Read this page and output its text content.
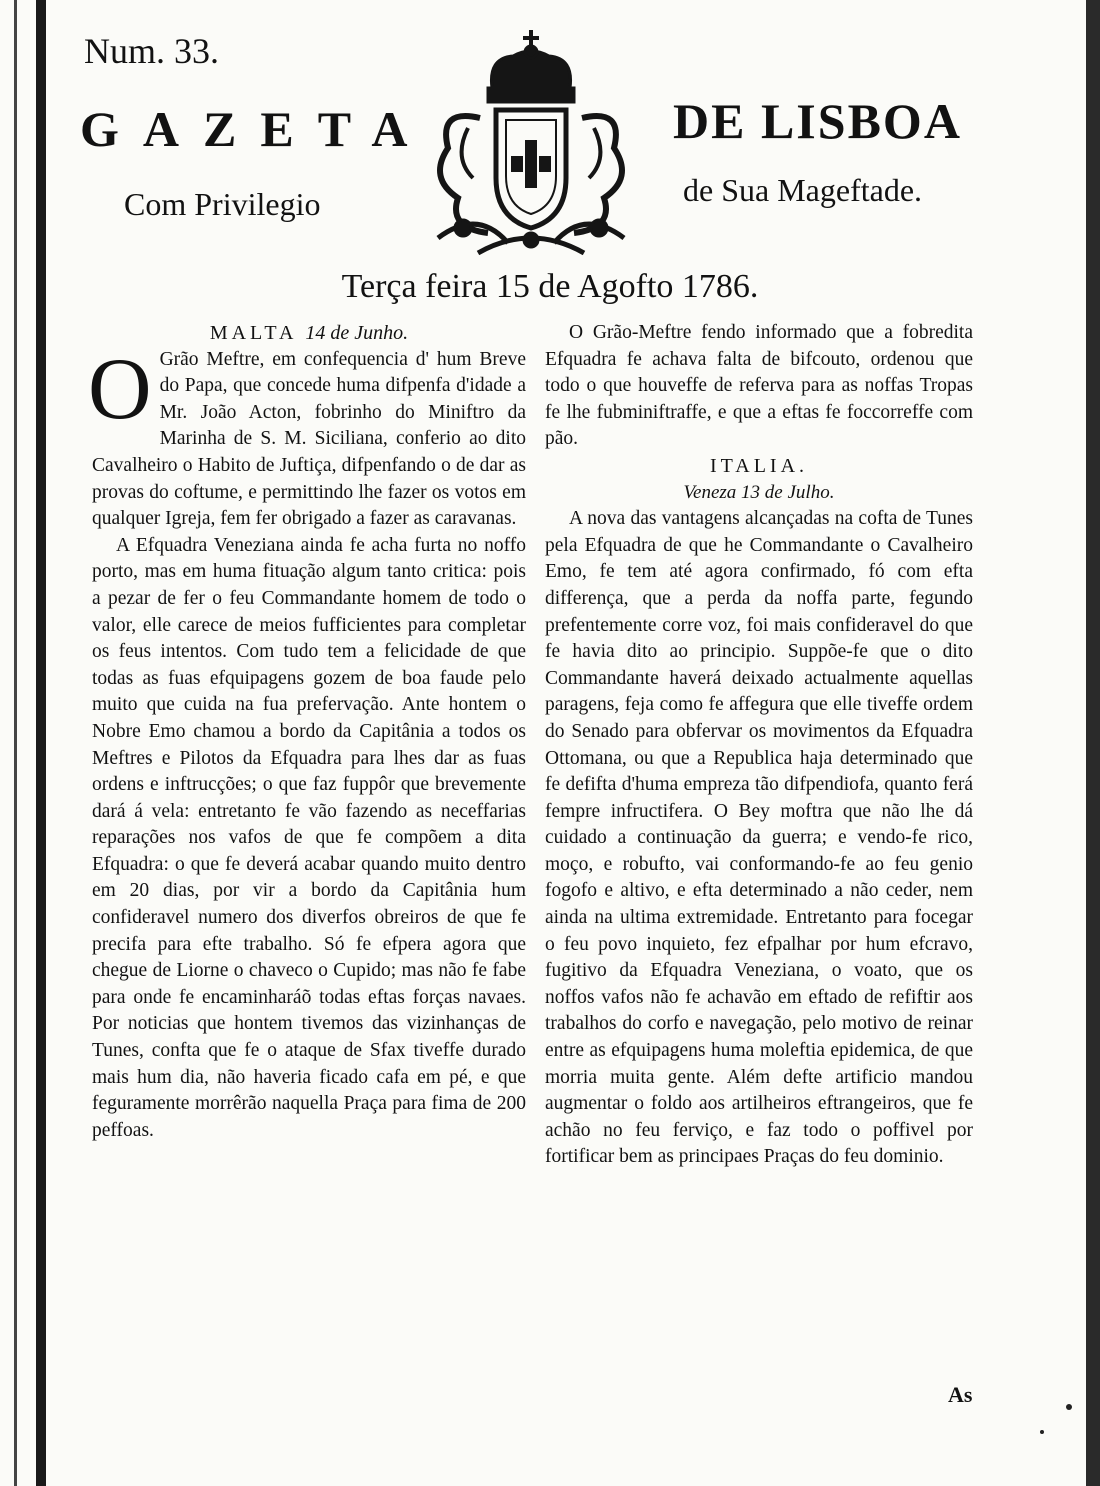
Num. 33.
GAZETA	DE LISBOA
Com Privilegio	de Sua Mageftade.
Terça feira 15 de Agofto 1786.

MALTA 14 de Junho.

O Grão Meftre, em confequencia d' hum Breve do Papa, que concede huma difpenfa d'idade a Mr. João Acton, fobrinho do Miniftro da Marinha de S. M. Siciliana, conferio ao dito Cavalheiro o Habito de Juftiça, difpenfando o de dar as provas do coftume, e permittindo lhe fazer os votos em qualquer Igreja, fem fer obrigado a fazer as caravanas.

A Efquadra Veneziana ainda fe acha furta no noffo porto, mas em huma fituação algum tanto critica: pois a pezar de fer o feu Commandante homem de todo o valor, elle carece de meios fufficientes para completar os feus intentos. Com tudo tem a felicidade de que todas as fuas efquipagens gozem de boa faude pelo muito que cuida na fua prefervação. Ante hontem o Nobre Emo chamou a bordo da Capitânia a todos os Meftres e Pilotos da Efquadra para lhes dar as fuas ordens e inftrucções; o que faz fuppôr que brevemente dará á vela: entretanto fe vão fazendo as neceffarias reparações nos vafos de que fe compõem a dita Efquadra: o que fe deverá acabar quando muito dentro em 20 dias, por vir a bordo da Capitânia hum confideravel numero dos diverfos obreiros de que fe precifa para efte trabalho. Só fe efpera agora que chegue de Liorne o chaveco o Cupido; mas não fe fabe para onde fe encaminharáõ todas eftas forças navaes. Por noticias que hontem tivemos das vizinhanças de Tunes, confta que fe o ataque de Sfax tiveffe durado mais hum dia, não haveria ficado cafa em pé, e que feguramente morrêrão naquella Praça para fima de 200 peffoas.

O Grão-Meftre fendo informado que a fobredita Efquadra fe achava falta de bifcouto, ordenou que todo o que houveffe de referva para as noffas Tropas fe lhe fubminiftraffe, e que a eftas fe foccorreffe com pão.

ITALIA.

Veneza 13 de Julho.

A nova das vantagens alcançadas na cofta de Tunes pela Efquadra de que he Commandante o Cavalheiro Emo, fe tem até agora confirmado, fó com efta differença, que a perda da noffa parte, fegundo prefentemente corre voz, foi mais confideravel do que fe havia dito ao principio. Suppõe-fe que o dito Commandante haverá deixado actualmente aquellas paragens, feja como fe affegura que elle tiveffe ordem do Senado para obfervar os movimentos da Efquadra Ottomana, ou que a Republica haja determinado que fe defifta d'huma empreza tão difpendiofa, quanto ferá fempre infructifera. O Bey moftra que não lhe dá cuidado a continuação da guerra; e vendo-fe rico, moço, e robufto, vai conformando-fe ao feu genio fogofo e altivo, e efta determinado a não ceder, nem ainda na ultima extremidade. Entretanto para focegar o feu povo inquieto, fez efpalhar por hum efcravo, fugitivo da Efquadra Veneziana, o voato, que os noffos vafos não fe achavão em eftado de refiftir aos trabalhos do corfo e navegação, pelo motivo de reinar entre as efquipagens huma moleftia epidemica, de que morria muita gente. Além defte artificio mandou augmentar o foldo aos artilheiros eftrangeiros, que fe achão no feu ferviço, e faz todo o poffivel por fortificar bem as principaes Praças do feu dominio.

As
